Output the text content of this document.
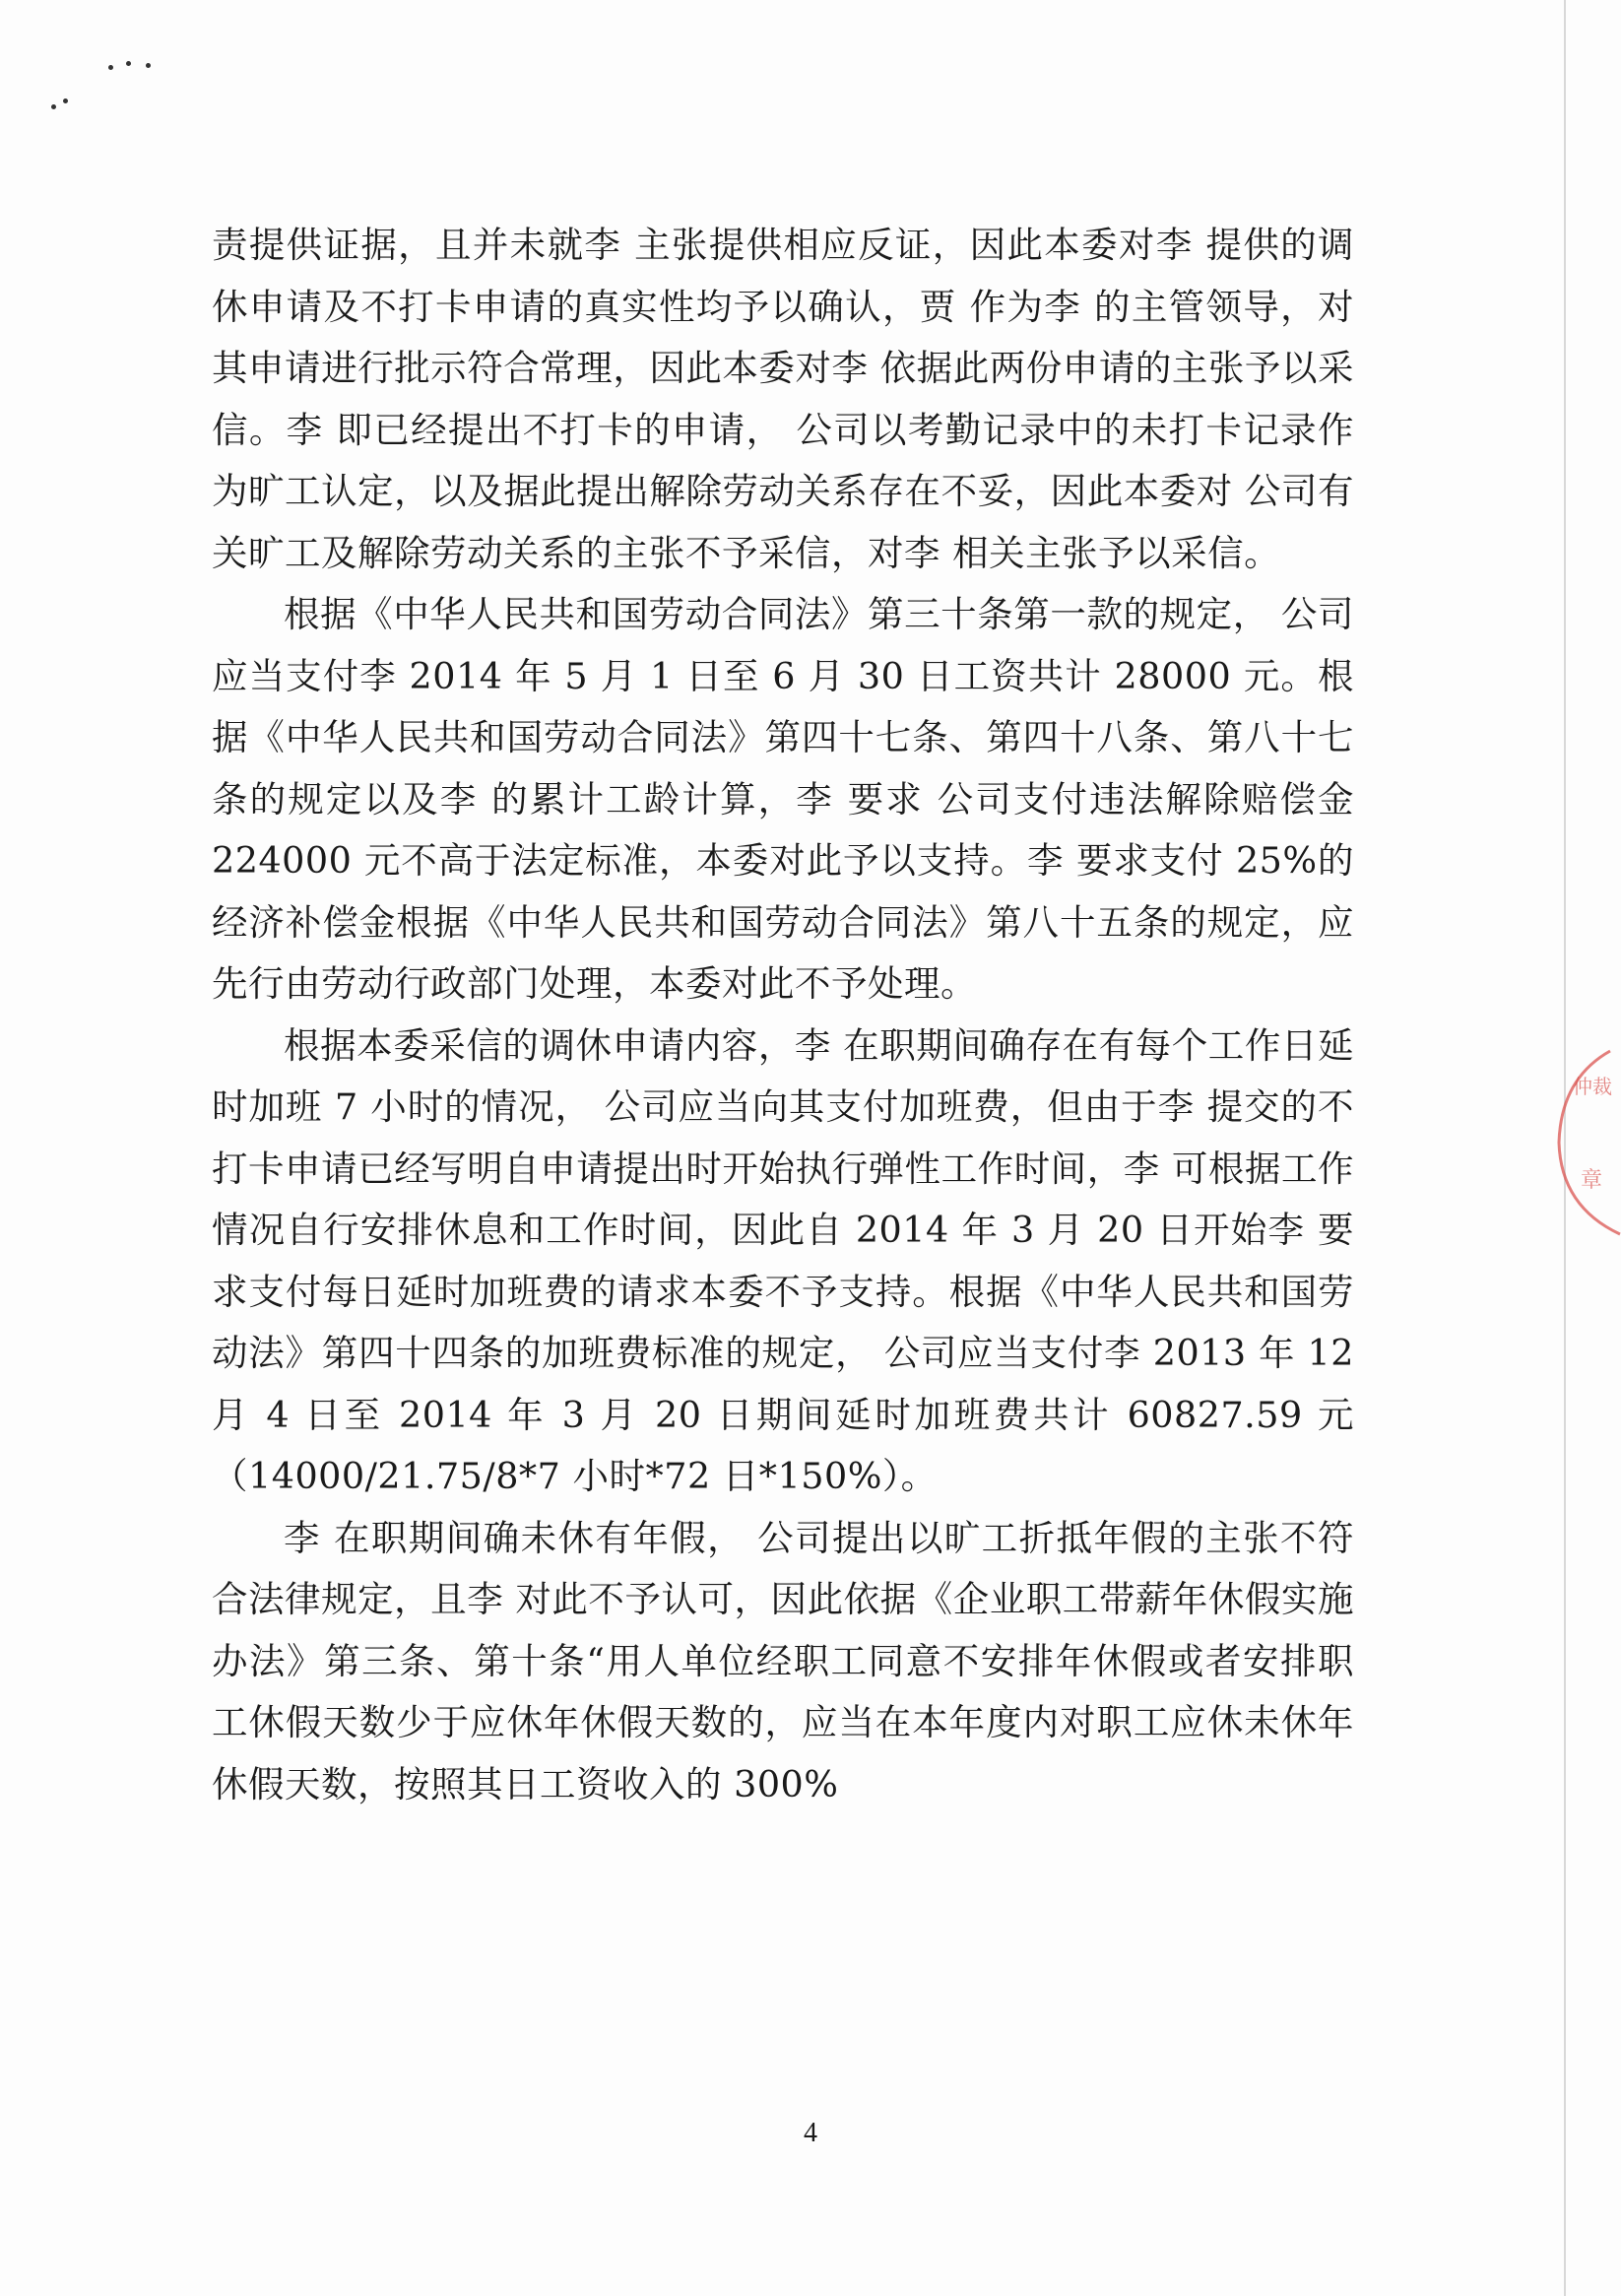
责提供证据，且并未就李 主张提供相应反证，因此本委对李 提供的调休申请及不打卡申请的真实性均予以确认，贾 作为李 的主管领导，对其申请进行批示符合常理，因此本委对李 依据此两份申请的主张予以采信。李 即已经提出不打卡的申请， 公司以考勤记录中的未打卡记录作为旷工认定，以及据此提出解除劳动关系存在不妥，因此本委对 公司有关旷工及解除劳动关系的主张不予采信，对李 相关主张予以采信。

根据《中华人民共和国劳动合同法》第三十条第一款的规定， 公司应当支付李 2014 年 5 月 1 日至 6 月 30 日工资共计 28000 元。根据《中华人民共和国劳动合同法》第四十七条、第四十八条、第八十七条的规定以及李 的累计工龄计算，李 要求 公司支付违法解除赔偿金 224000 元不高于法定标准，本委对此予以支持。李 要求支付 25%的经济补偿金根据《中华人民共和国劳动合同法》第八十五条的规定，应先行由劳动行政部门处理，本委对此不予处理。

根据本委采信的调休申请内容，李 在职期间确存在有每个工作日延时加班 7 小时的情况， 公司应当向其支付加班费，但由于李 提交的不打卡申请已经写明自申请提出时开始执行弹性工作时间，李 可根据工作情况自行安排休息和工作时间，因此自 2014 年 3 月 20 日开始李 要求支付每日延时加班费的请求本委不予支持。根据《中华人民共和国劳动法》第四十四条的加班费标准的规定， 公司应当支付李 2013 年 12 月 4 日至 2014 年 3 月 20 日期间延时加班费共计 60827.59 元（14000/21.75/8*7 小时*72 日*150%）。

李 在职期间确未休有年假， 公司提出以旷工折抵年假的主张不符合法律规定，且李 对此不予认可，因此依据《企业职工带薪年休假实施办法》第三条、第十条“用人单位经职工同意不安排年休假或者安排职工休假天数少于应休年休假天数的，应当在本年度内对职工应休未休年休假天数，按照其日工资收入的 300%

仲裁
章
4
